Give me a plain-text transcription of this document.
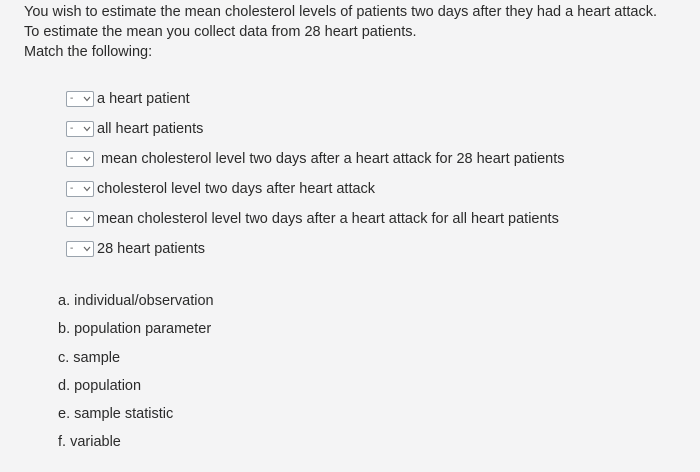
You wish to estimate the mean cholesterol levels of patients two days after they had a heart attack.
To estimate the mean you collect data from 28 heart patients.
Match the following:
- a heart patient
- all heart patients
- mean cholesterol level two days after a heart attack for 28 heart patients
- cholesterol level two days after heart attack
- mean cholesterol level two days after a heart attack for all heart patients
- 28 heart patients
a. individual/observation
b. population parameter
c. sample
d. population
e. sample statistic
f. variable
